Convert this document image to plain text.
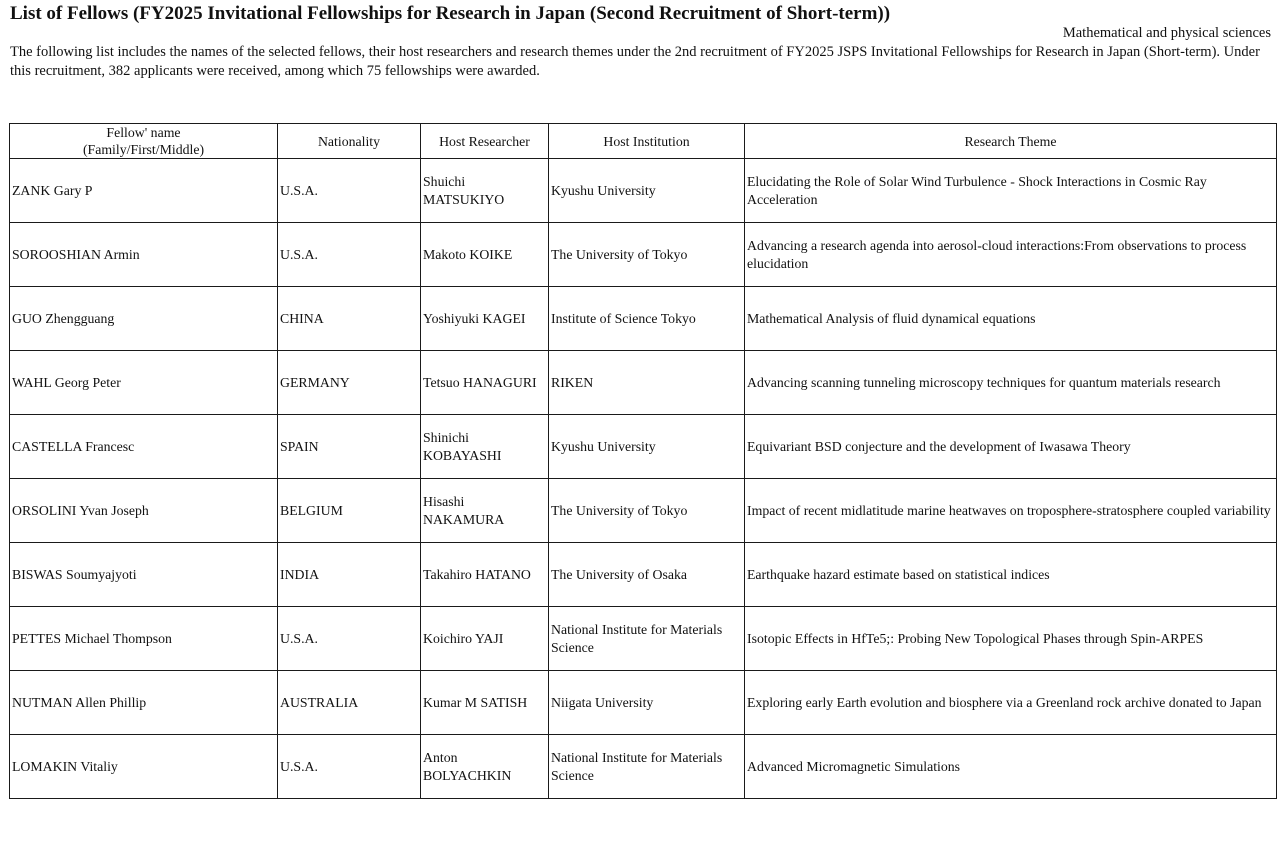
List of Fellows (FY2025 Invitational Fellowships for Research in Japan (Second Recruitment of Short-term))
Mathematical and physical sciences
The following list includes the names of the selected fellows, their host researchers and research themes under the 2nd recruitment of FY2025 JSPS Invitational Fellowships for Research in Japan (Short-term). Under this recruitment, 382 applicants were received, among which 75 fellowships were awarded.
Fellow' name
(Family/First/Middle)	Nationality	Host Researcher	Host Institution	Research Theme
ZANK Gary P	U.S.A.	Shuichi MATSUKIYO	Kyushu University	Elucidating the Role of Solar Wind Turbulence - Shock Interactions in Cosmic Ray Acceleration
SOROOSHIAN Armin	U.S.A.	Makoto KOIKE	The University of Tokyo	Advancing a research agenda into aerosol-cloud interactions:From observations to process elucidation
GUO Zhengguang	CHINA	Yoshiyuki KAGEI	Institute of Science Tokyo	Mathematical Analysis of fluid dynamical equations
WAHL Georg Peter	GERMANY	Tetsuo HANAGURI	RIKEN	Advancing scanning tunneling microscopy techniques for quantum materials research
CASTELLA Francesc	SPAIN	Shinichi KOBAYASHI	Kyushu University	Equivariant BSD conjecture and the development of Iwasawa Theory
ORSOLINI Yvan Joseph	BELGIUM	Hisashi NAKAMURA	The University of Tokyo	Impact of recent midlatitude marine heatwaves on troposphere-stratosphere coupled variability
BISWAS Soumyajyoti	INDIA	Takahiro HATANO	The University of Osaka	Earthquake hazard estimate based on statistical indices
PETTES Michael Thompson	U.S.A.	Koichiro YAJI	National Institute for Materials Science	Isotopic Effects in HfTe5;: Probing New Topological Phases through Spin-ARPES
NUTMAN Allen Phillip	AUSTRALIA	Kumar M SATISH	Niigata University	Exploring early Earth evolution and biosphere via a Greenland rock archive donated to Japan
LOMAKIN Vitaliy	U.S.A.	Anton BOLYACHKIN	National Institute for Materials Science	Advanced Micromagnetic Simulations
